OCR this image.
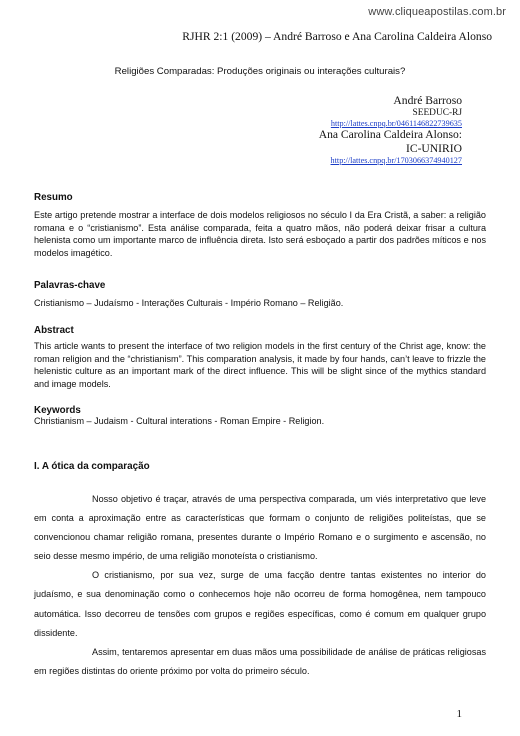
www.cliqueapostilas.com.br
RJHR 2:1 (2009) – André Barroso e Ana Carolina Caldeira Alonso
Religiões Comparadas: Produções originais ou interações culturais?
André Barroso
SEEDUC-RJ
http://lattes.cnpq.br/0461146822739635
Ana Carolina Caldeira Alonso:
IC-UNIRIO
http://lattes.cnpq.br/1703066374940127
Resumo
Este artigo pretende mostrar a interface de dois modelos religiosos no século I da Era Cristã, a saber: a religião romana e o “cristianismo”. Esta análise comparada, feita a quatro mãos, não poderá deixar frisar a cultura helenista como um importante marco de influência direta. Isto será esboçado a partir dos padrões míticos e nos modelos imagético.
Palavras-chave
Cristianismo – Judaísmo - Interações Culturais - Império Romano – Religião.
Abstract
This article wants to present the interface of two religion models in the first century of the Christ age, know: the roman religion and the “christianism”. This comparation analysis, it made by four hands, can’t leave to frizzle the helenistic culture as an important mark of the direct influence. This will be slight since of the mythics standard and image models.
Keywords
Christianism – Judaism - Cultural interations - Roman Empire - Religion.
I. A ótica da comparação

Nosso objetivo é traçar, através de uma perspectiva comparada, um viés interpretativo que leve em conta a aproximação entre as características que formam o conjunto de religiões politeístas, que se convencionou chamar religião romana, presentes durante o Império Romano e o surgimento e ascensão, no seio desse mesmo império, de uma religião monoteísta o cristianismo.

O cristianismo, por sua vez, surge de uma facção dentre tantas existentes no interior do judaísmo, e sua denominação como o conhecemos hoje não ocorreu de forma homogênea, nem tampouco automática. Isso decorreu de tensões com grupos e regiões específicas, como é comum em qualquer grupo dissidente.

Assim, tentaremos apresentar em duas mãos uma possibilidade de análise de práticas religiosas em regiões distintas do oriente próximo por volta do primeiro século.

1
